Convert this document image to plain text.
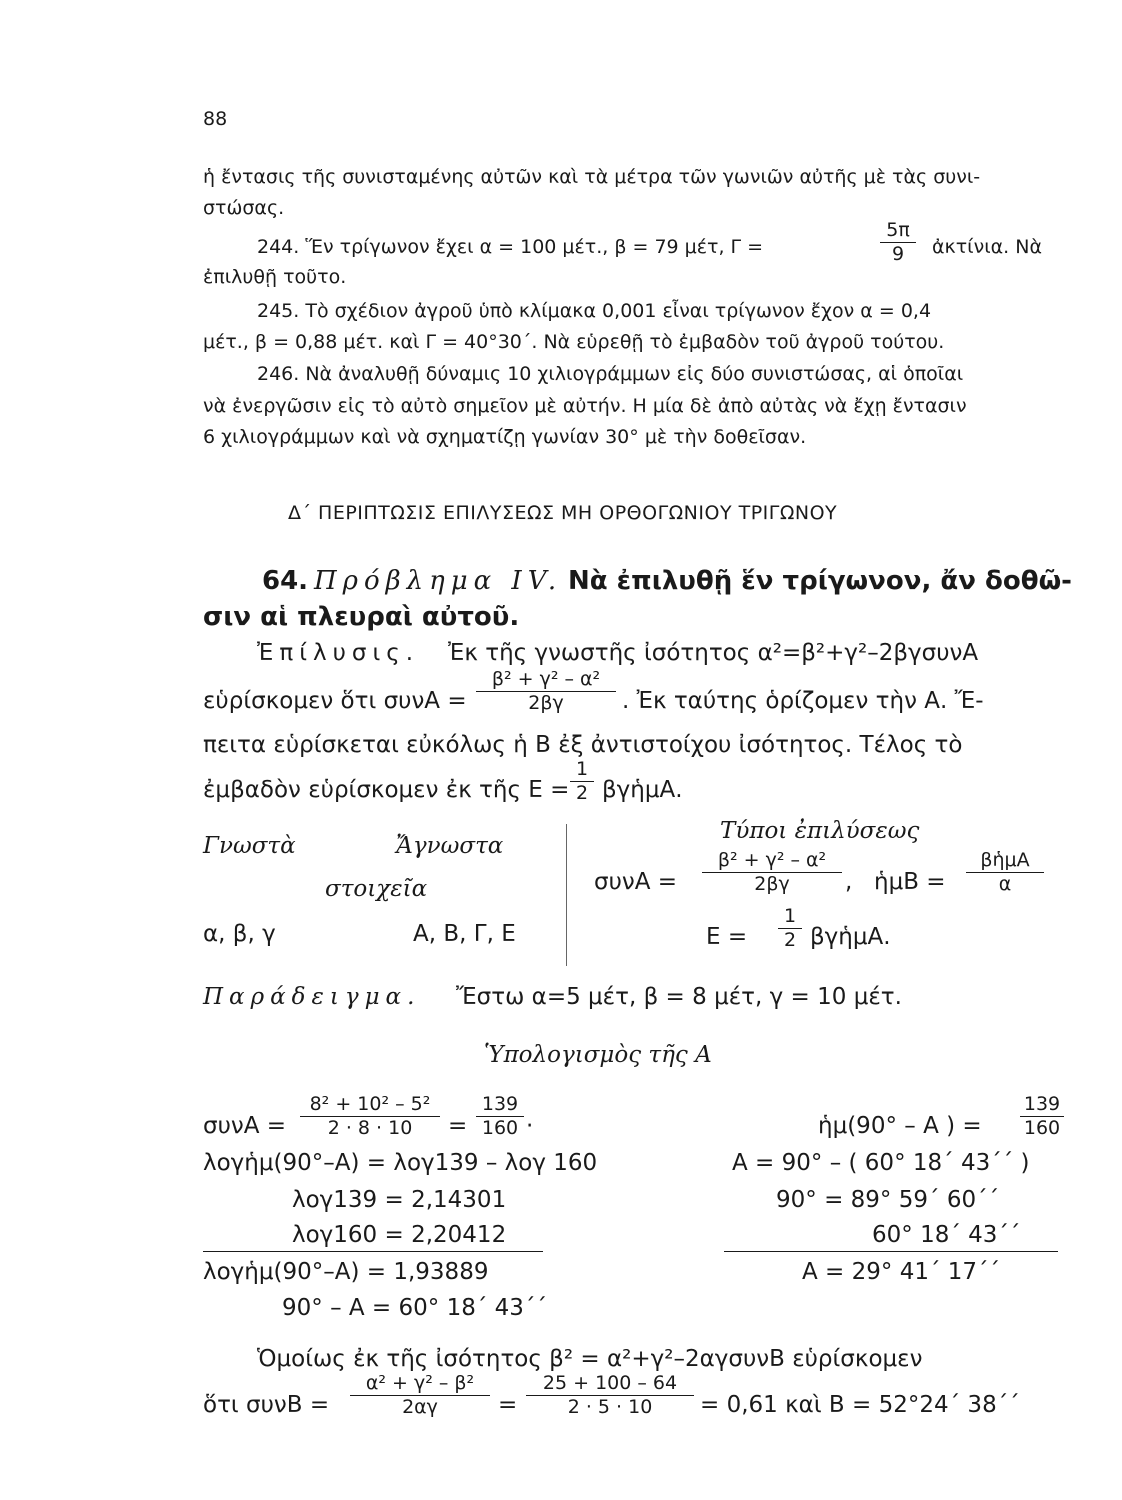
88
ἡ ἔντασις τῆς συνισταμένης αὐτῶν καὶ τὰ μέτρα τῶν γωνιῶν αὐτῆς μὲ τὰς συνι-
στώσας.
244. Ἕν τρίγωνον ἔχει α = 100 μέτ., β = 79 μέτ, Γ =
5π
9	ἀκτίνια. Νὰ
ἐπιλυθῇ τοῦτο.
245. Τὸ σχέδιον ἀγροῦ ὑπὸ κλίμακα 0,001 εἶναι τρίγωνον ἔχον α = 0,4
μέτ., β = 0,88 μέτ. καὶ Γ = 40°30΄. Νὰ εὑρεθῇ τὸ ἐμβαδὸν τοῦ ἀγροῦ τούτου.
246. Νὰ ἀναλυθῇ δύναμις 10 χιλιογράμμων εἰς δύο συνιστώσας, αἱ ὁποῖαι
νὰ ἐνεργῶσιν εἰς τὸ αὐτὸ σημεῖον μὲ αὐτήν. Η μία δὲ ἀπὸ αὐτὰς νὰ ἔχῃ ἔντασιν
6 χιλιογράμμων καὶ νὰ σχηματίζῃ γωνίαν 30° μὲ τὴν δοθεῖσαν.
Δ΄ ΠΕΡΙΠΤΩΣΙΣ ΕΠΙΛΥΣΕΩΣ ΜΗ ΟΡΘΟΓΩΝΙΟΥ ΤΡΙΓΩΝΟΥ
64. Πρόβλημα ΙV. Νὰ ἐπιλυθῇ ἕν τρίγωνον, ἄν δοθῶ-
σιν αἱ πλευραὶ αὐτοῦ.
Ἐπίλυσις. Ἐκ τῆς γνωστῆς ἰσότητος α²=β²+γ²–2βγσυνΑ
εὑρίσκομεν ὅτι συνΑ =
β² + γ² – α²
2βγ	. Ἐκ ταύτης ὁρίζομεν τὴν Α. Ἔ-
πειτα εὑρίσκεται εὐκόλως ἡ Β ἐξ ἀντιστοίχου ἰσότητος. Τέλος τὸ
ἐμβαδὸν εὑρίσκομεν ἐκ τῆς Ε =
1
2 βγἡμΑ.
Γνωστὰ	Ἄγνωστα
στοιχεῖα
Τύποι ἐπιλύσεως
α, β, γ	Α, Β, Γ, Ε
συνΑ =
β² + γ² – α²
2βγ	, ἡμΒ =
βἡμΑ
α
Ε =
1
2 βγἡμΑ.
Παράδειγμα. Ἔστω α=5 μέτ, β = 8 μέτ, γ = 10 μέτ.
Ὑπολογισμὸς τῆς Α
συνΑ =
8² + 10² – 5²
2 · 8 · 10	=
139
160 ·
λογἡμ(90°–Α) = λογ139 – λογ 160
λογ139 = 2,14301
λογ160 = 2,20412
λογἡμ(90°–Α) = 1,93889
90° – Α = 60° 18΄ 43΄΄
ἡμ(90° – Α ) =
139
160
Α = 90° – ( 60° 18΄ 43΄΄ )
90° = 89° 59΄ 60΄΄
60° 18΄ 43΄΄
Α = 29° 41΄ 17΄΄
Ὁμοίως ἐκ τῆς ἰσότητος β² = α²+γ²–2αγσυνΒ εὑρίσκομεν
ὅτι συνΒ =
α² + γ² – β²
2αγ	=
25 + 100 – 64
2 · 5 · 10	= 0,61 καὶ Β = 52°24΄ 38΄΄
